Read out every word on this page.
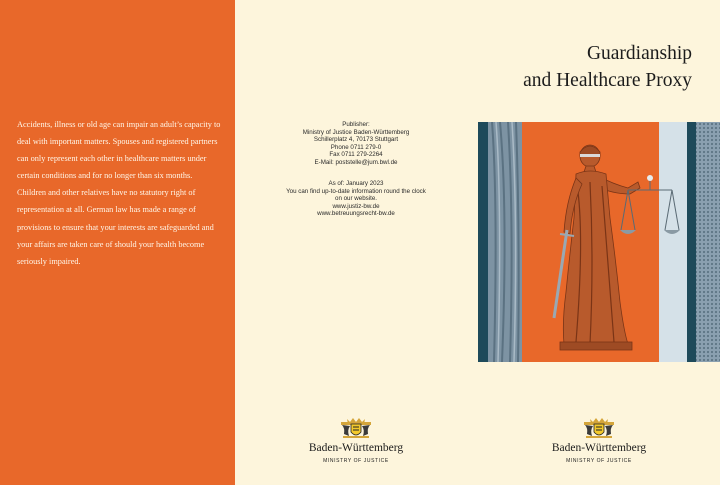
Accidents, illness or old age can impair an adult’s capacity to deal with important matters. Spouses and registered partners can only represent each other in healthcare matters under certain conditions and for no longer than six months. Children and other relatives have no statutory right of representation at all. German law has made a range of provisions to ensure that your interests are safeguarded and your affairs are taken care of should your health become seriously impaired.

Publisher:
Ministry of Justice Baden-Württemberg
Schillerplatz 4, 70173 Stuttgart
Phone 0711 279-0
Fax 0711 279-2264
E-Mail: poststelle@jum.bwl.de
As of: January 2023
You can find up-to-date information round the clock
on our website.
www.justiz-bw.de
www.betreuungsrecht-bw.de
Baden-Württemberg
MINISTRY OF JUSTICE
Guardianship
and Healthcare Proxy
Baden-Württemberg
MINISTRY OF JUSTICE
